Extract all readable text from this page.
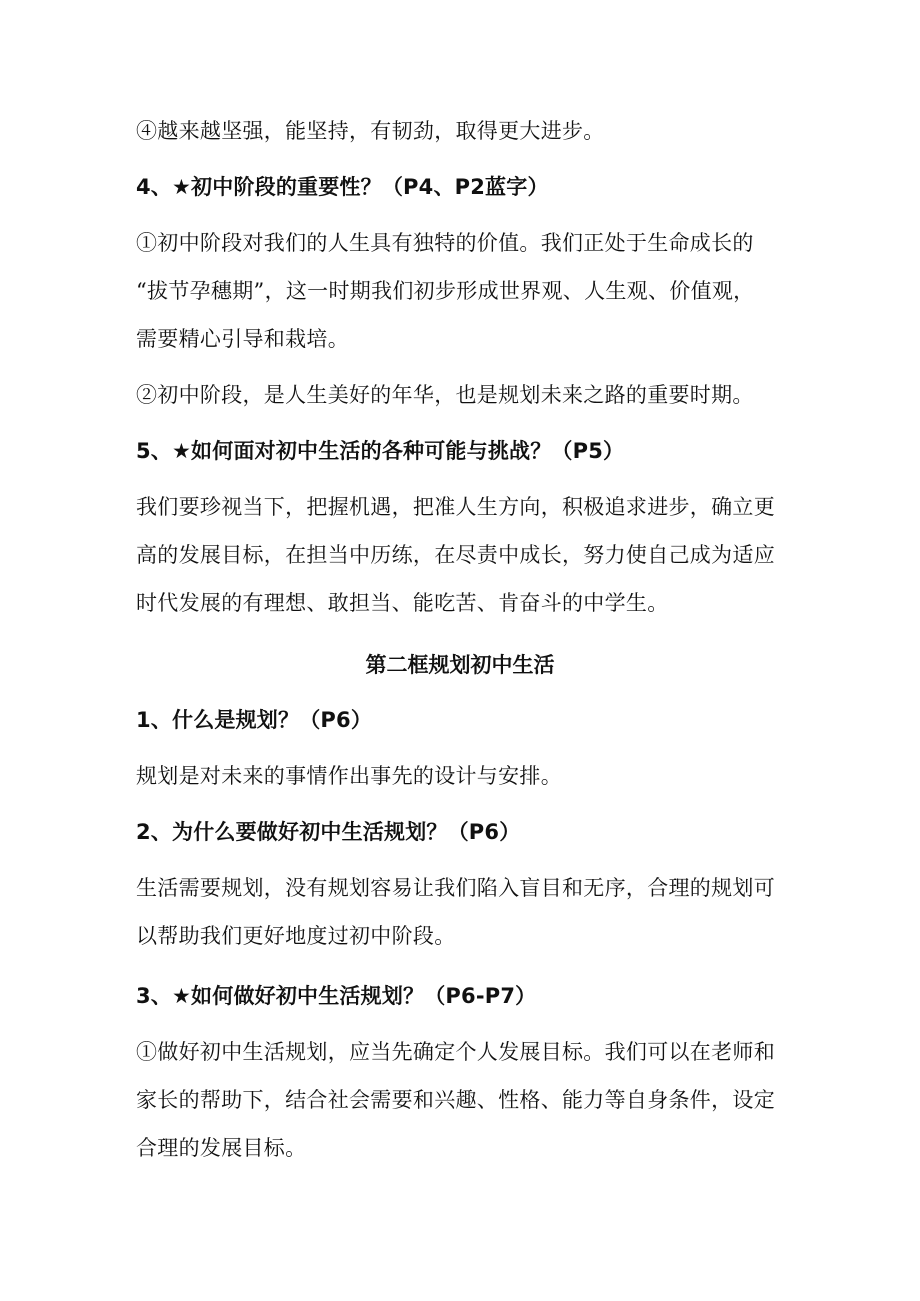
④越来越坚强，能坚持，有韧劲，取得更大进步。
4、★初中阶段的重要性？（P4、P2蓝字）
①初中阶段对我们的人生具有独特的价值。我们正处于生命成长的
“拔节孕穗期”，这一时期我们初步形成世界观、人生观、价值观，
需要精心引导和栽培。
②初中阶段，是人生美好的年华，也是规划未来之路的重要时期。
5、★如何面对初中生活的各种可能与挑战？（P5）
我们要珍视当下，把握机遇，把准人生方向，积极追求进步，确立更
高的发展目标，在担当中历练，在尽责中成长，努力使自己成为适应
时代发展的有理想、敢担当、能吃苦、肯奋斗的中学生。
第二框规划初中生活
1、什么是规划？（P6）
规划是对未来的事情作出事先的设计与安排。
2、为什么要做好初中生活规划？（P6）
生活需要规划，没有规划容易让我们陷入盲目和无序，合理的规划可
以帮助我们更好地度过初中阶段。
3、★如何做好初中生活规划？（P6-P7）
①做好初中生活规划，应当先确定个人发展目标。我们可以在老师和
家长的帮助下，结合社会需要和兴趣、性格、能力等自身条件，设定
合理的发展目标。
